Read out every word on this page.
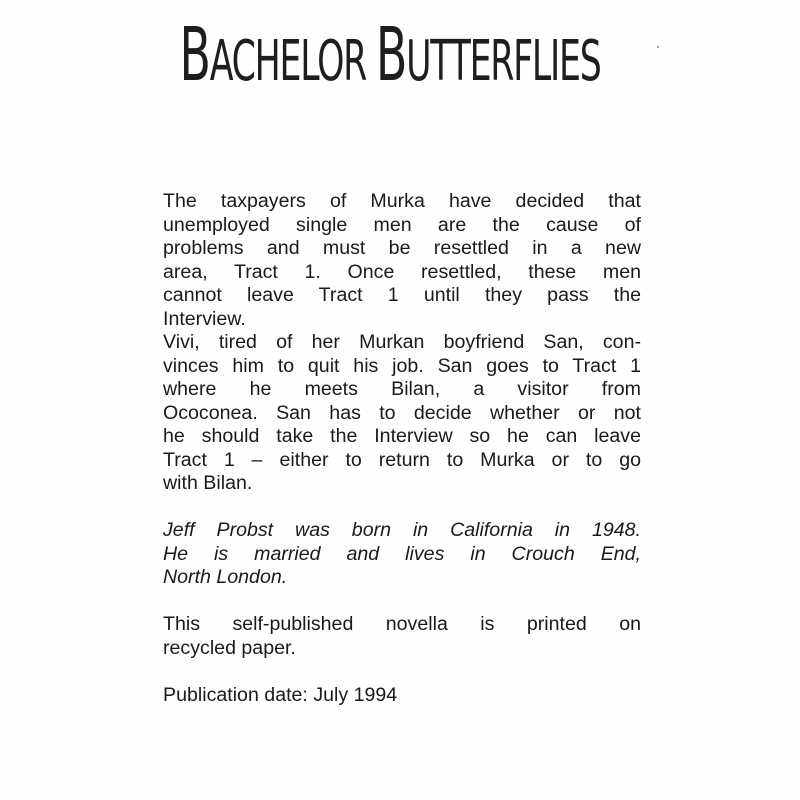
BACHELOR BUTTERFLIES
The taxpayers of Murka have decided that
unemployed single men are the cause of
problems and must be resettled in a new
area, Tract 1. Once resettled, these men
cannot leave Tract 1 until they pass the
Interview.
Vivi, tired of her Murkan boyfriend San, con-
vinces him to quit his job. San goes to Tract 1
where he meets Bilan, a visitor from
Ococonea. San has to decide whether or not
he should take the Interview so he can leave
Tract 1 – either to return to Murka or to go
with Bilan.
Jeff Probst was born in California in 1948.
He is married and lives in Crouch End,
North London.
This self-published novella is printed on
recycled paper.
Publication date: July 1994
